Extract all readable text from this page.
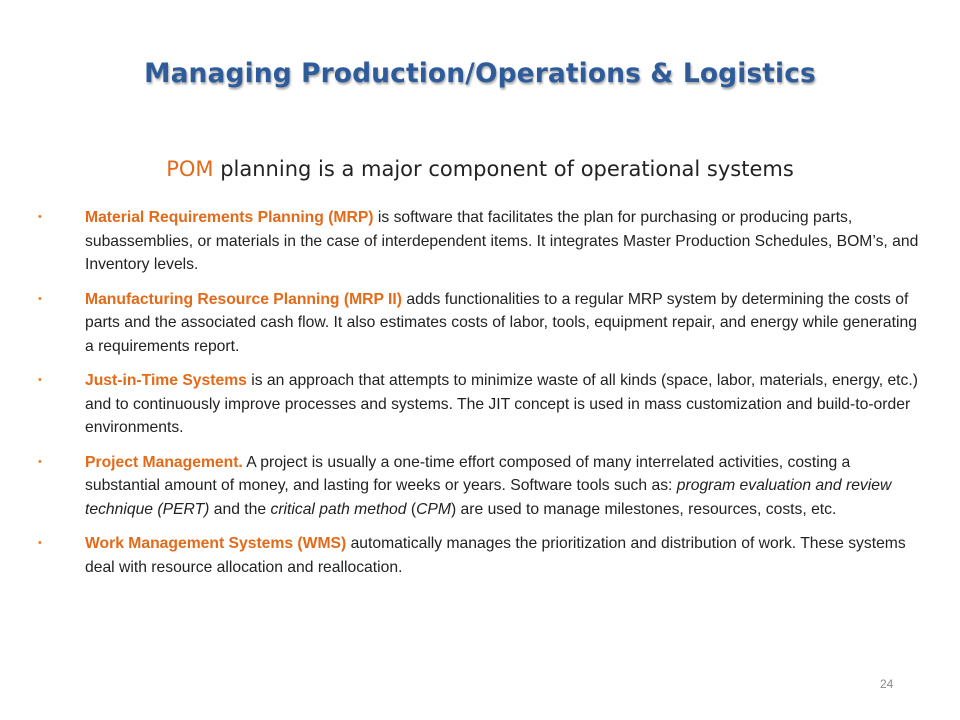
Managing Production/Operations & Logistics

POM planning is a major component of operational systems

•	Material Requirements Planning (MRP) is software that facilitates the plan for purchasing or producing parts, subassemblies, or materials in the case of interdependent items. It integrates Master Production Schedules, BOM’s, and Inventory levels.
•	Manufacturing Resource Planning (MRP II) adds functionalities to a regular MRP system by determining the costs of parts and the associated cash flow. It also estimates costs of labor, tools, equipment repair, and energy while generating a requirements report.
•	Just-in-Time Systems is an approach that attempts to minimize waste of all kinds (space, labor, materials, energy, etc.) and to continuously improve processes and systems. The JIT concept is used in mass customization and build-to-order environments.
•	Project Management. A project is usually a one-time effort composed of many interrelated activities, costing a substantial amount of money, and lasting for weeks or years. Software tools such as: program evaluation and review technique (PERT) and the critical path method (CPM) are used to manage milestones, resources, costs, etc.
•	Work Management Systems (WMS) automatically manages the prioritization and distribution of work. These systems deal with resource allocation and reallocation.
24
